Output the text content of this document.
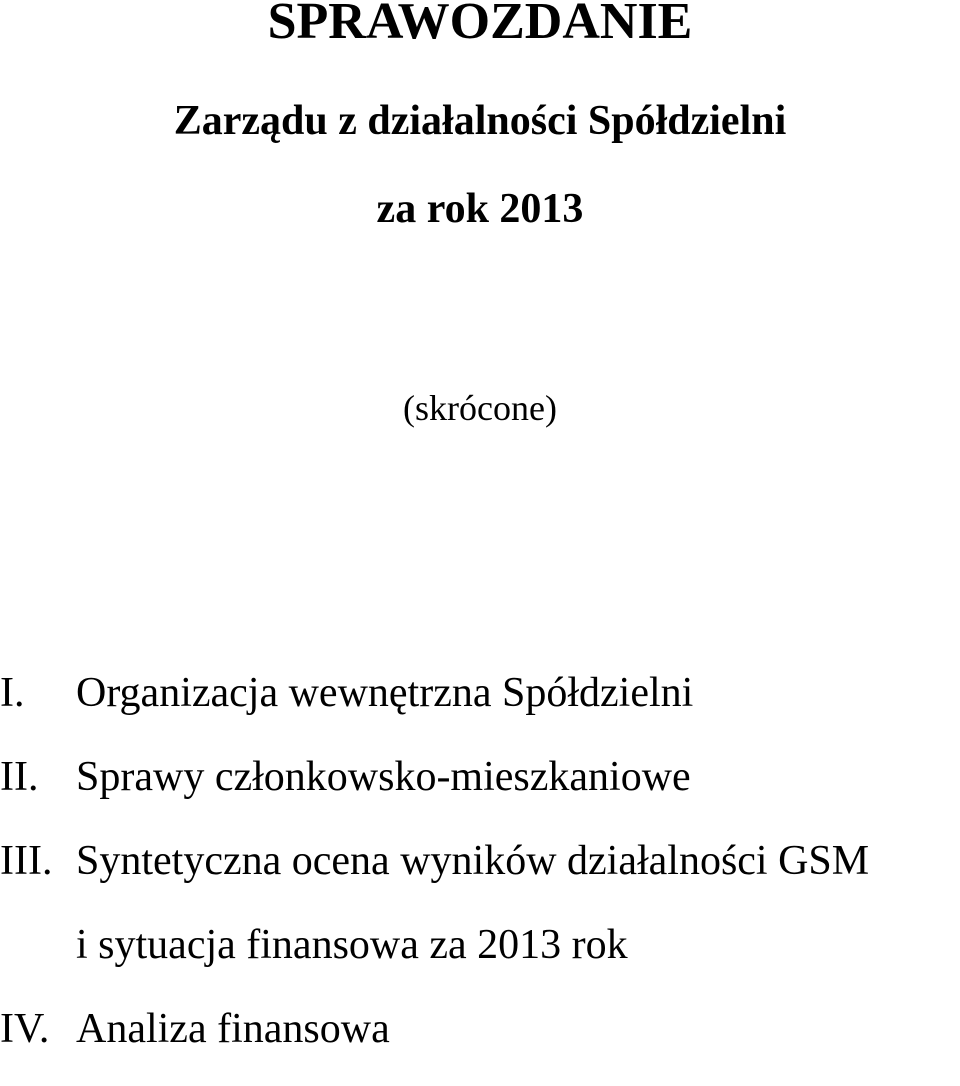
SPRAWOZDANIE
Zarządu z działalności Spółdzielni
za rok 2013
(skrócone)
I. Organizacja wewnętrzna Spółdzielni
II. Sprawy członkowsko-mieszkaniowe
III. Syntetyczna ocena wyników działalności GSM
i sytuacja finansowa za 2013 rok
IV. Analiza finansowa
